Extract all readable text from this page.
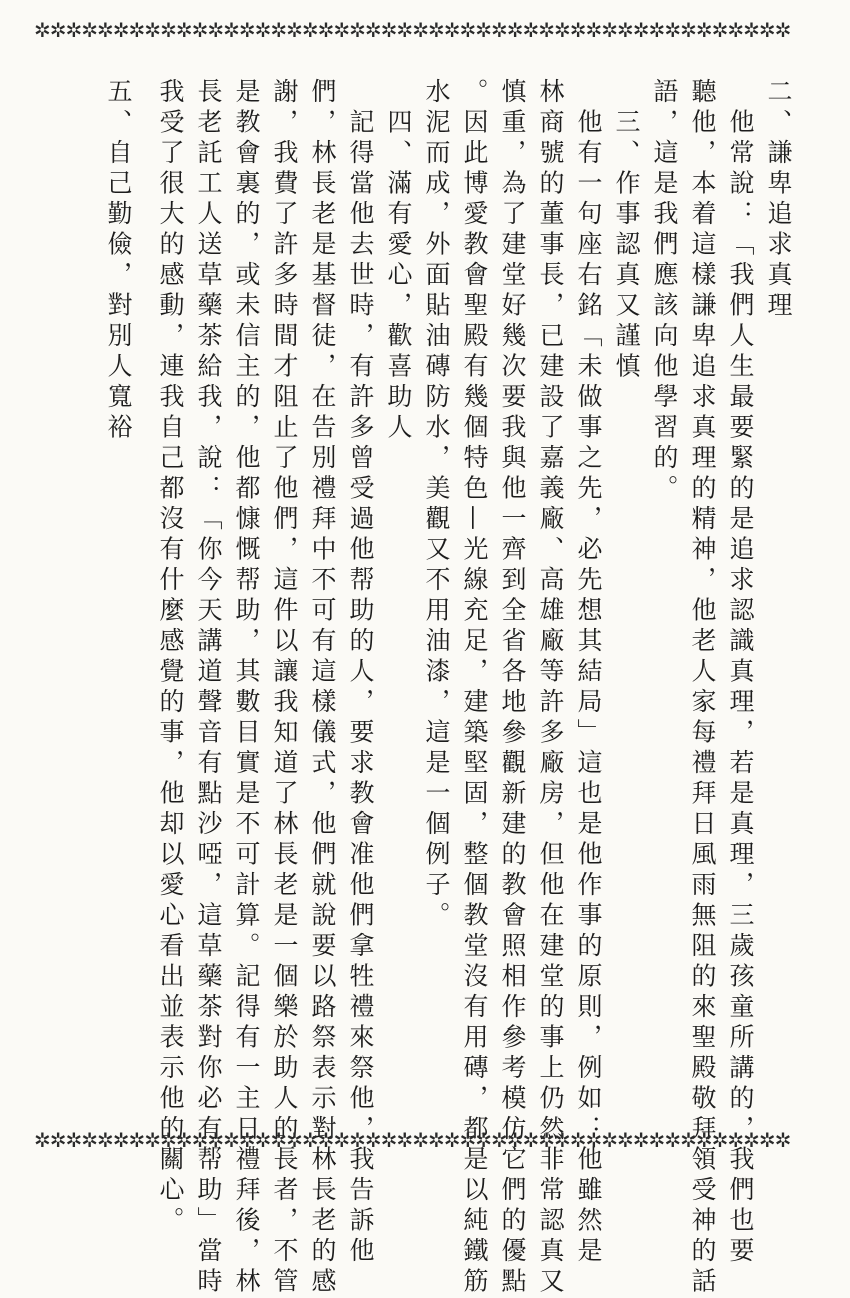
✲✲✲✲✲✲✲✲✲✲✲✲✲✲✲✲✲✲✲✲✲✲✲✲✲✲✲✲✲✲✲✲✲✲✲✲✲✲✲✲✲✲✲✲✲✲✲✲
二、謙卑追求真理
　他常說：「我們人生最要緊的是追求認識真理，若是真理，三歲孩童所講的，我們也要
聽他，本着這樣謙卑追求真理的精神，他老人家每禮拜日風雨無阻的來聖殿敬拜領受神的話
語，這是我們應該向他學習的。
　三、作事認真又謹慎
　他有一句座右銘「未做事之先，必先想其結局」這也是他作事的原則，例如：他雖然是
林商號的董事長，已建設了嘉義廠、高雄廠等許多廠房，但他在建堂的事上仍然非常認真又
慎重，為了建堂好幾次要我與他一齊到全省各地參觀新建的教會照相作參考模仿它們的優點
。因此博愛教會聖殿有幾個特色—光線充足，建築堅固，整個教堂沒有用磚，都是以純鐵筋
水泥而成，外面貼油磚防水，美觀又不用油漆，這是一個例子。
　四、滿有愛心，歡喜助人
　記得當他去世時，有許多曾受過他帮助的人，要求教會准他們拿牲禮來祭他，我告訴他
們，林長老是基督徒，在告別禮拜中不可有這樣儀式，他們就說要以路祭表示對林長老的感
謝，我費了許多時間才阻止了他們，這件以讓我知道了林長老是一個樂於助人的長者，不管
是教會裏的，或未信主的，他都慷慨帮助，其數目實是不可計算。記得有一主日禮拜後，林
長老託工人送草藥茶給我，說：「你今天講道聲音有點沙啞，這草藥茶對你必有帮助」當時
我受了很大的感動，連我自己都沒有什麼感覺的事，他却以愛心看出並表示他的關心。
五、自己勤儉，對別人寬裕
✲✲✲✲✲✲✲✲✲✲✲✲✲✲✲✲✲✲✲✲✲✲✲✲✲✲✲✲✲✲✲✲✲✲✲✲✲✲✲✲✲✲✲✲✲✲✲✲
